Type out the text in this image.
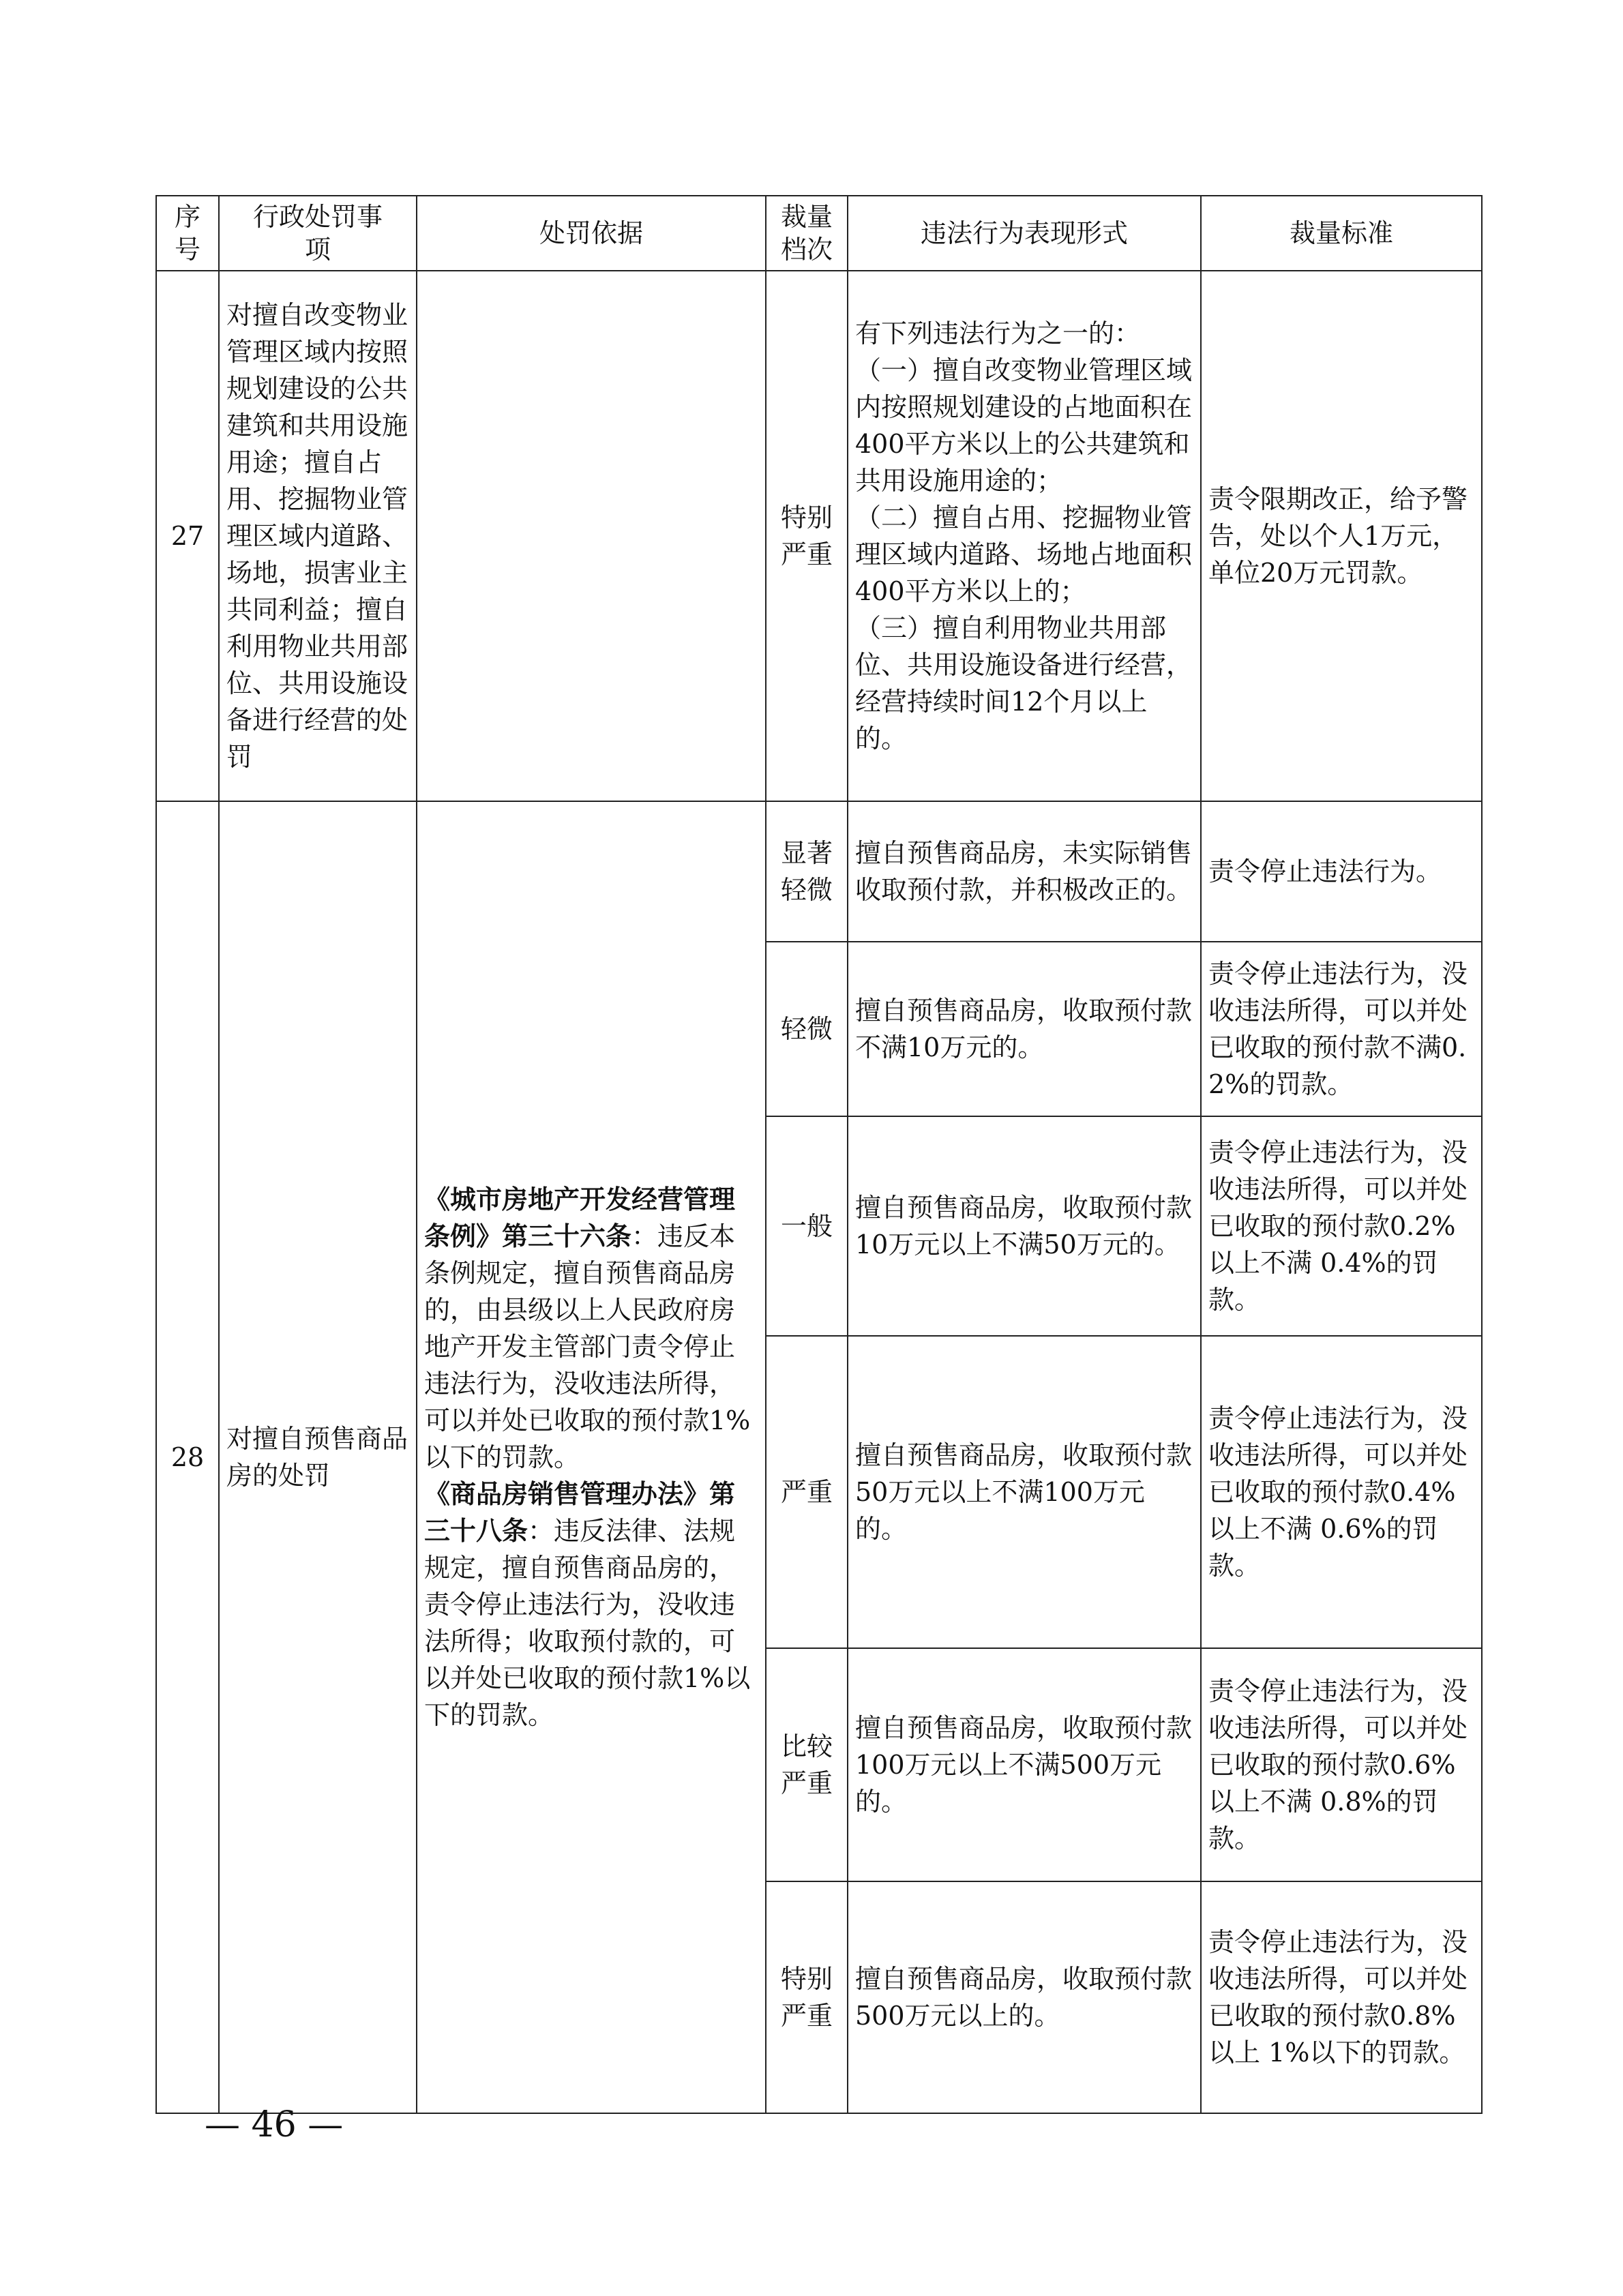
序号	行政处罚事项	处罚依据	裁量档次	违法行为表现形式	裁量标准
27	对擅自改变物业管理区域内按照规划建设的公共建筑和共用设施用途；擅自占用、挖掘物业管理区域内道路、场地，损害业主共同利益；擅自利用物业共用部位、共用设施设备进行经营的处罚		特别严重	有下列违法行为之一的：
（一）擅自改变物业管理区域内按照规划建设的占地面积在400平方米以上的公共建筑和共用设施用途的；
（二）擅自占用、挖掘物业管理区域内道路、场地占地面积400平方米以上的；
（三）擅自利用物业共用部位、共用设施设备进行经营，经营持续时间12个月以上的。	责令限期改正，给予警告，处以个人1万元，单位20万元罚款。
28	对擅自预售商品房的处罚	《城市房地产开发经营管理条例》第三十六条：违反本条例规定，擅自预售商品房的，由县级以上人民政府房地产开发主管部门责令停止违法行为，没收违法所得，可以并处已收取的预付款1%以下的罚款。
《商品房销售管理办法》第三十八条：违反法律、法规规定，擅自预售商品房的，责令停止违法行为，没收违法所得；收取预付款的，可以并处已收取的预付款1%以下的罚款。	显著轻微	擅自预售商品房，未实际销售收取预付款，并积极改正的。	责令停止违法行为。
			轻微	擅自预售商品房，收取预付款不满10万元的。	责令停止违法行为，没收违法所得，可以并处已收取的预付款不满0.2%的罚款。
			一般	擅自预售商品房，收取预付款10万元以上不满50万元的。	责令停止违法行为，没收违法所得，可以并处已收取的预付款0.2%以上不满 0.4%的罚款。
			严重	擅自预售商品房，收取预付款50万元以上不满100万元的。	责令停止违法行为，没收违法所得，可以并处已收取的预付款0.4%以上不满 0.6%的罚款。
			比较严重	擅自预售商品房，收取预付款100万元以上不满500万元的。	责令停止违法行为，没收违法所得，可以并处已收取的预付款0.6%以上不满 0.8%的罚款。
			特别严重	擅自预售商品房，收取预付款500万元以上的。	责令停止违法行为，没收违法所得，可以并处已收取的预付款0.8%以上 1%以下的罚款。
— 46 —
